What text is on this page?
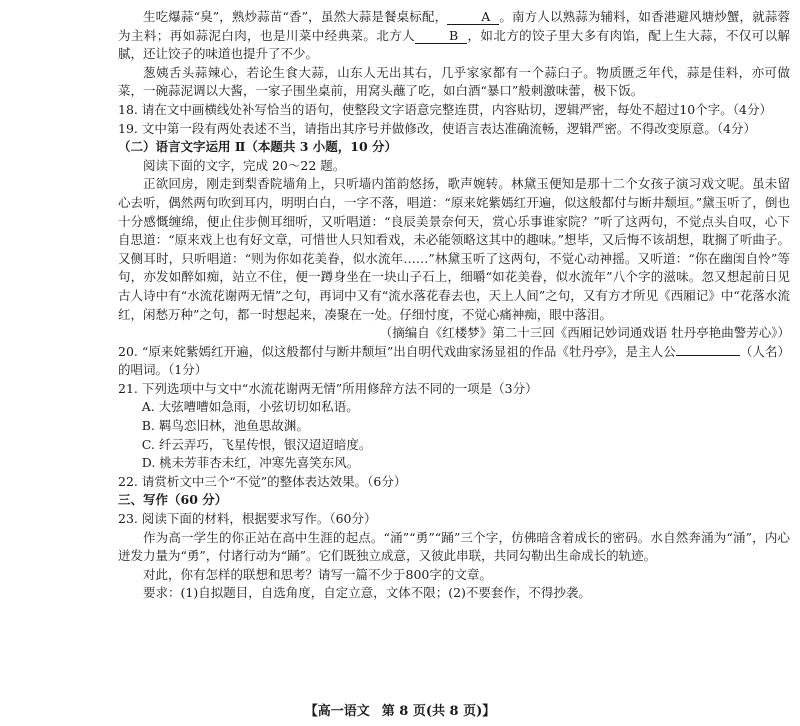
生吃爆蒜“臭”，熟炒蒜苗“香”，虽然大蒜是餐桌标配，	A 。南方人以熟蒜为辅料，如香港避风塘炒蟹，就蒜蓉为主料；再如蒜泥白肉，也是川菜中经典菜。北方人	B ，如北方的饺子里大多有肉馅，配上生大蒜，不仅可以解腻，还让饺子的味道也提升了不少。

葱姨舌头蒜辣心，若论生食大蒜，山东人无出其右，几乎家家都有一个蒜臼子。物质匮乏年代，蒜是佳料，亦可做菜，一碗蒜泥调以大酱，一家子围坐桌前，用窝头蘸了吃，如白酒“暴口”般刺激味蕾，极下饭。

18. 请在文中画横线处补写恰当的语句，使整段文字语意完整连贯，内容贴切，逻辑严密，每处不超过10个字。（4分）

19. 文中第一段有两处表述不当，请指出其序号并做修改，使语言表达准确流畅，逻辑严密。不得改变原意。（4分）

（二）语言文字运用 Ⅱ（本题共 3 小题，10 分）

阅读下面的文字，完成 20～22 题。

正欲回房，刚走到梨香院墙角上，只听墙内笛韵悠扬，歌声婉转。林黛玉便知是那十二个女孩子演习戏文呢。虽未留心去听，偶然两句吹到耳内，明明白白，一字不落，唱道：“原来姹紫嫣红开遍，似这般都付与断井颓垣。”黛玉听了，倒也十分感慨缠绵，便止住步侧耳细听，又听唱道：“良辰美景奈何天，赏心乐事谁家院？”听了这两句，不觉点头自叹，心下自思道：“原来戏上也有好文章，可惜世人只知看戏，未必能领略这其中的趣味。”想毕，又后悔不该胡想，耽搁了听曲子。又侧耳时，只听唱道：“则为你如花美眷，似水流年……”林黛玉听了这两句，不觉心动神摇。又听道：“你在幽闺自怜”等句，亦发如醉如痴，站立不住，便一蹲身坐在一块山子石上，细嚼“如花美眷，似水流年”八个字的滋味。忽又想起前日见古人诗中有“水流花谢两无情”之句，再词中又有“流水落花春去也，天上人间”之句，又有方才所见《西厢记》中“花落水流红，闲愁万种”之句，都一时想起来，凑聚在一处。仔细忖度，不觉心痛神痴，眼中落泪。

（摘编自《红楼梦》第二十三回《西厢记妙词通戏语 牡丹亭艳曲警芳心》）

20. “原来姹紫嫣红开遍，似这般都付与断井颓垣”出自明代戏曲家汤显祖的作品《牡丹亭》，是主人公	（人名）的唱词。（1分）

21. 下列选项中与文中“水流花谢两无情”所用修辞方法不同的一项是（3分）

A. 大弦嘈嘈如急雨，小弦切切如私语。

B. 羁鸟恋旧林，池鱼思故渊。

C. 纤云弄巧，飞星传恨，银汉迢迢暗度。

D. 桃未芳菲杏未红，冲寒先喜笑东风。

22. 请赏析文中三个“不觉”的整体表达效果。（6分）

三、写作（60 分）

23. 阅读下面的材料，根据要求写作。（60分）

作为高一学生的你正站在高中生涯的起点。“涌”“勇”“踊”三个字，仿佛暗含着成长的密码。水自然奔涌为“涌”，内心迸发力量为“勇”，付诸行动为“踊”。它们既独立成意，又彼此串联，共同勾勒出生命成长的轨迹。

对此，你有怎样的联想和思考？请写一篇不少于800字的文章。

要求：(1)自拟题目，自选角度，自定立意，文体不限；(2)不要套作，不得抄袭。

【高一语文 第 8 页(共 8 页)】
